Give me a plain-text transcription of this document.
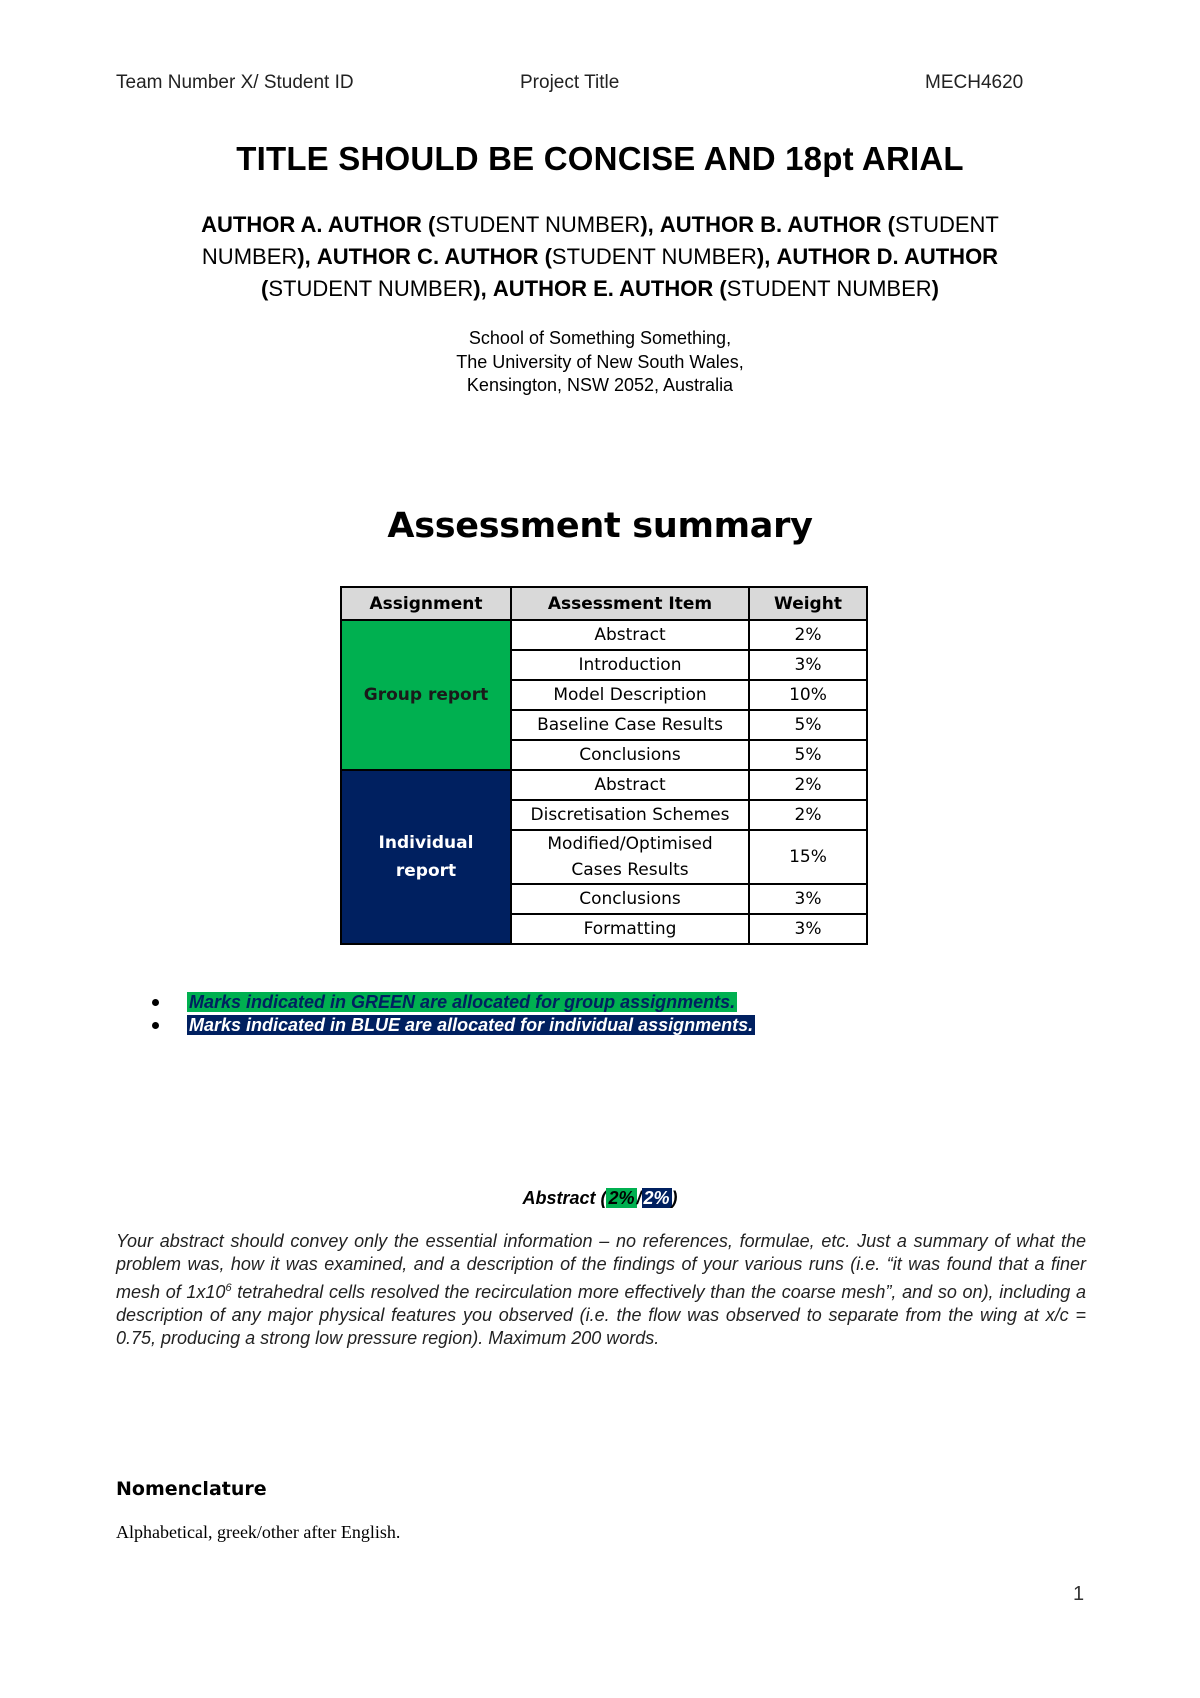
Team Number X/ Student ID	Project Title	MECH4620
TITLE SHOULD BE CONCISE AND 18pt ARIAL
AUTHOR A. AUTHOR (STUDENT NUMBER), AUTHOR B. AUTHOR (STUDENT NUMBER), AUTHOR C. AUTHOR (STUDENT NUMBER), AUTHOR D. AUTHOR (STUDENT NUMBER), AUTHOR E. AUTHOR (STUDENT NUMBER)
School of Something Something,
The University of New South Wales,
Kensington, NSW 2052, Australia
Assessment summary
Assignment	Assessment Item	Weight
Group report	Abstract	2%
	Introduction	3%
	Model Description	10%
	Baseline Case Results	5%
	Conclusions	5%
Individual
report	Abstract	2%
	Discretisation Schemes	2%
	Modified/Optimised
Cases Results	15%
	Conclusions	3%
	Formatting	3%
Marks indicated in GREEN are allocated for group assignments.
Marks indicated in BLUE are allocated for individual assignments.
Abstract ( 2% / 2% )
Your abstract should convey only the essential information – no references, formulae, etc. Just a summary of what the problem was, how it was examined, and a description of the findings of your various runs (i.e. “it was found that a finer mesh of $1x10^6$ tetrahedral cells resolved the recirculation more effectively than the coarse mesh”, and so on), including a description of any major physical features you observed (i.e. the flow was observed to separate from the wing at x/c = 0.75, producing a strong low pressure region). Maximum 200 words.
Nomenclature
Alphabetical, greek/other after English.
1
